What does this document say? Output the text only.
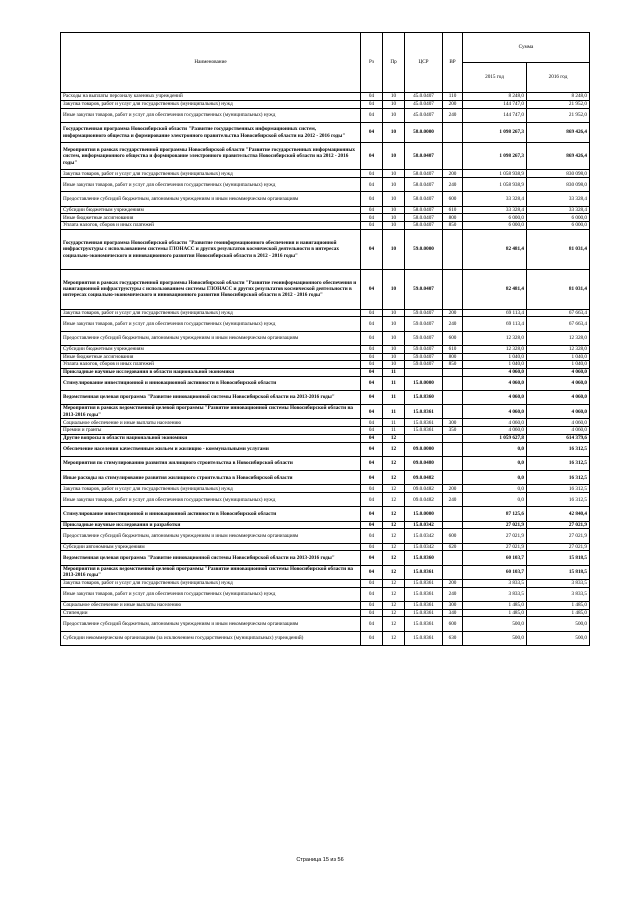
Наименование	Рз	Пр	ЦСР	ВР	Сумма	
					2015 год	2016 год
Расходы на выплаты персоналу казенных учреждений	04	10	45.0.0407	110	8 248,0	8 248,0
Закупка товаров, работ и услуг для государственных (муниципальных) нужд	04	10	45.0.0407	200	144 747,0	21 952,0
Иные закупки товаров, работ и услуг для обеспечения государственных (муниципальных) нужд	04	10	45.0.0407	240	144 747,0	21 952,0
Государственная программа Новосибирской области "Развитие государственных информационных систем, информационного общества и формирование электронного правительства Новосибирской области на 2012 - 2016 годы"	04	10	58.0.0000		1 098 267,3	869 426,4
Мероприятия в рамках государственной программы Новосибирской области "Развитие государственных информационных систем, информационного общества и формирование электронного правительства Новосибирской области на 2012 - 2016 годы"	04	10	58.0.0407		1 098 267,3	869 426,4
Закупка товаров, работ и услуг для государственных (муниципальных) нужд	04	10	58.0.0407	200	1 058 938,9	830 098,0
Иные закупки товаров, работ и услуг для обеспечения государственных (муниципальных) нужд	04	10	58.0.0407	240	1 058 938,9	830 098,0
Предоставление субсидий бюджетным, автономным учреждениям и иным некоммерческим организациям	04	10	58.0.0407	600	33 328,4	33 328,4
Субсидии бюджетным учреждениям	04	10	58.0.0407	610	33 328,4	33 328,4
Иные бюджетные ассигнования	04	10	58.0.0407	800	6 000,0	6 000,0
Уплата налогов, сборов и иных платежей	04	10	58.0.0407	850	6 000,0	6 000,0
Государственная программа Новосибирской области "Развитие геоинформационного обеспечения и навигационной инфраструктуры с использованием системы ГЛОНАСС и других результатов космической деятельности в интересах социально-экономического и инновационного развития Новосибирской области в 2012 - 2016 годы"	04	10	59.0.0000		82 481,4	81 031,4
Мероприятия в рамках государственной программы Новосибирской области "Развитие геоинформационного обеспечения и навигационной инфраструктуры с использованием системы ГЛОНАСС и других результатов космической деятельности в интересах социально-экономического и инновационного развития Новосибирской области в 2012 - 2016 годы"	04	10	59.0.0407		82 481,4	81 031,4
Закупка товаров, работ и услуг для государственных (муниципальных) нужд	04	10	59.0.0407	200	69 113,4	67 663,4
Иные закупки товаров, работ и услуг для обеспечения государственных (муниципальных) нужд	04	10	59.0.0407	240	69 113,4	67 663,4
Предоставление субсидий бюджетным, автономным учреждениям и иным некоммерческим организациям	04	10	59.0.0407	600	12 328,0	12 328,0
Субсидии бюджетным учреждениям	04	10	59.0.0407	610	12 328,0	12 328,0
Иные бюджетные ассигнования	04	10	59.0.0407	800	1 040,0	1 040,0
Уплата налогов, сборов и иных платежей	04	10	59.0.0407	850	1 040,0	1 040,0
Прикладные научные исследования в области национальной экономики	04	11			4 060,0	4 060,0
Стимулирование инвестиционной и инновационной активности в Новосибирской области	04	11	15.0.0000		4 060,0	4 060,0
Ведомственная целевая программа "Развитие инновационной системы Новосибирской области на 2013-2016 годы"	04	11	15.0.8360		4 060,0	4 060,0
Мероприятия в рамках ведомственной целевой программы "Развитие инновационной системы Новосибирской области на 2013-2016 годы"	04	11	15.0.8361		4 060,0	4 060,0
Социальное обеспечение и иные выплаты населению	04	11	15.0.8361	300	4 060,0	4 060,0
Премии и гранты	04	11	15.0.8361	350	4 060,0	4 060,0
Другие вопросы в области национальной экономики	04	12			1 059 627,8	614 379,6
Обеспечение населения качественным жильем и жилищно - коммунальными услугами	04	12	09.0.0000		0,0	16 312,5
Мероприятия по стимулированию развития жилищного строительства в Новосибирской области	04	12	09.0.0480		0,0	16 312,5
Иные расходы на стимулирование развития жилищного строительства в Новосибирской области	04	12	09.0.0482		0,0	16 312,5
Закупка товаров, работ и услуг для государственных (муниципальных) нужд	04	12	09.0.0482	200	0,0	16 312,5
Иные закупки товаров, работ и услуг для обеспечения государственных (муниципальных) нужд	04	12	09.0.0482	240	0,0	16 312,5
Стимулирование инвестиционной и инновационной активности в Новосибирской области	04	12	15.0.0000		87 125,6	42 840,4
Прикладные научные исследования и разработки	04	12	15.0.0342		27 021,9	27 021,9
Предоставление субсидий бюджетным, автономным учреждениям и иным некоммерческим организациям	04	12	15.0.0342	600	27 021,9	27 021,9
Субсидии автономным учреждениям	04	12	15.0.0342	620	27 021,9	27 021,9
Ведомственная целевая программа "Развитие инновационной системы Новосибирской области на 2013-2016 годы"	04	12	15.0.8360		60 103,7	15 818,5
Мероприятия в рамках ведомственной целевой программы "Развитие инновационной системы Новосибирской области на 2013-2016 годы"	04	12	15.0.8361		60 103,7	15 818,5
Закупка товаров, работ и услуг для государственных (муниципальных) нужд	04	12	15.0.8361	200	3 833,5	3 833,5
Иные закупки товаров, работ и услуг для обеспечения государственных (муниципальных) нужд	04	12	15.0.8361	240	3 833,5	3 833,5
Социальное обеспечение и иные выплаты населению	04	12	15.0.8361	300	1 485,0	1 485,0
Стипендии	04	12	15.0.8361	340	1 485,0	1 485,0
Предоставление субсидий бюджетным, автономным учреждениям и иным некоммерческим организациям	04	12	15.0.8361	600	500,0	500,0
Субсидии некоммерческим организациям (за исключением государственных (муниципальных) учреждений)	04	12	15.0.8361	630	500,0	500,0
Страница 15 из 56
